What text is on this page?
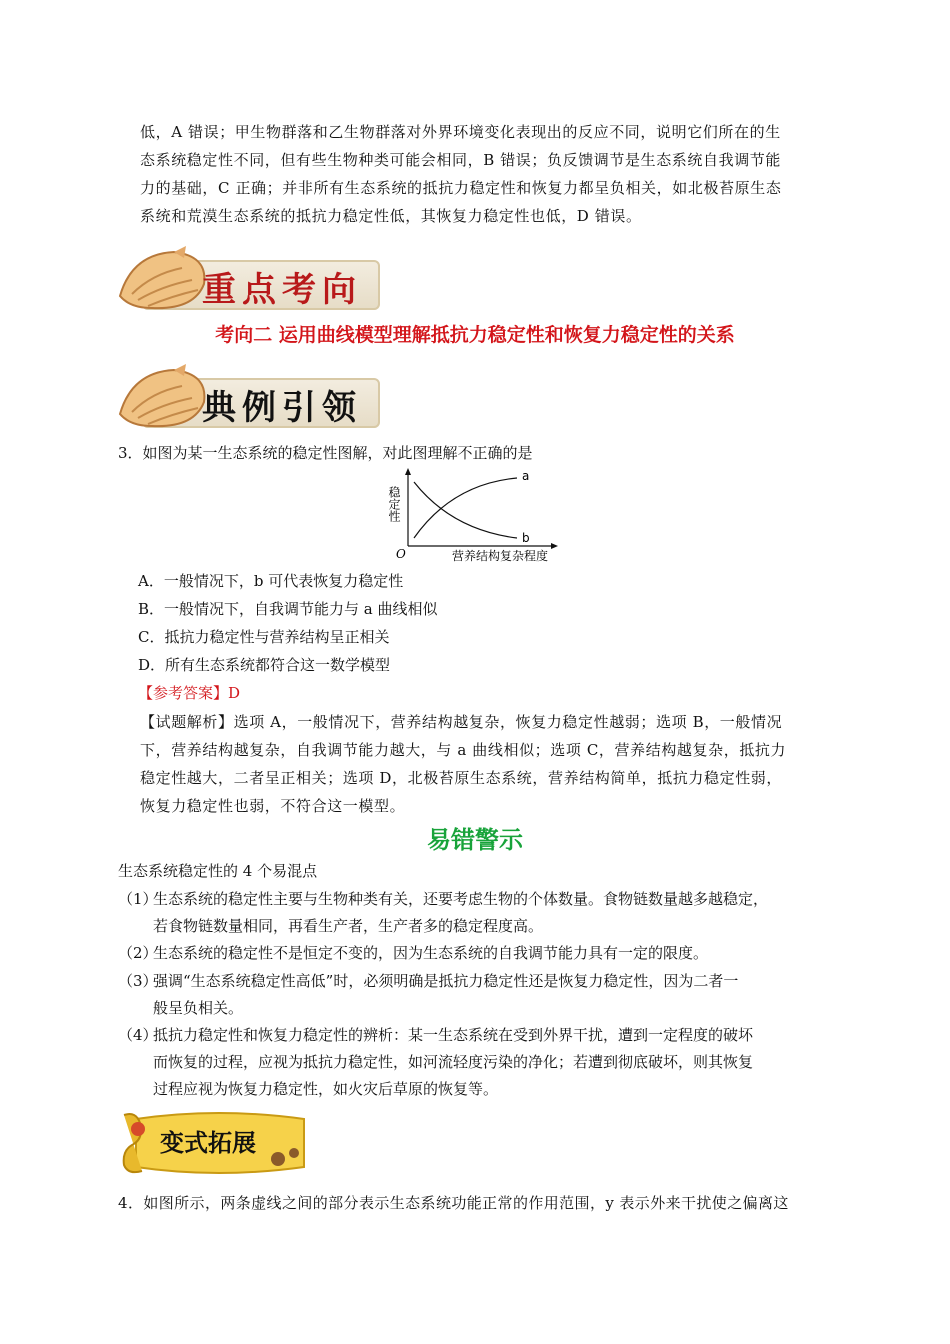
低，A 错误；甲生物群落和乙生物群落对外界环境变化表现出的反应不同，说明它们所在的生
态系统稳定性不同，但有些生物种类可能会相同，B 错误；负反馈调节是生态系统自我调节能
力的基础，C 正确；并非所有生态系统的抵抗力稳定性和恢复力都呈负相关，如北极苔原生态
系统和荒漠生态系统的抵抗力稳定性低，其恢复力稳定性也低，D 错误。
重点考向
考向二 运用曲线模型理解抵抗力稳定性和恢复力稳定性的关系
典例引领
3．如图为某一生态系统的稳定性图解，对此图理解不正确的是
稳定性
营养结构复杂程度
O
a
b
A．一般情况下，b 可代表恢复力稳定性
B．一般情况下，自我调节能力与 a 曲线相似
C．抵抗力稳定性与营养结构呈正相关
D．所有生态系统都符合这一数学模型
【参考答案】D
【试题解析】选项 A，一般情况下，营养结构越复杂，恢复力稳定性越弱；选项 B，一般情况
下，营养结构越复杂，自我调节能力越大，与 a 曲线相似；选项 C，营养结构越复杂，抵抗力
稳定性越大，二者呈正相关；选项 D，北极苔原生态系统，营养结构简单，抵抗力稳定性弱，
恢复力稳定性也弱，不符合这一模型。
易错警示
生态系统稳定性的 4 个易混点
（1）
生态系统的稳定性主要与生物种类有关，还要考虑生物的个体数量。食物链数量越多越稳定，
若食物链数量相同，再看生产者，生产者多的稳定程度高。
（2）
生态系统的稳定性不是恒定不变的，因为生态系统的自我调节能力具有一定的限度。
（3）
强调“生态系统稳定性高低”时，必须明确是抵抗力稳定性还是恢复力稳定性，因为二者一
般呈负相关。
（4）
抵抗力稳定性和恢复力稳定性的辨析：某一生态系统在受到外界干扰，遭到一定程度的破坏
而恢复的过程，应视为抵抗力稳定性，如河流轻度污染的净化；若遭到彻底破坏，则其恢复
过程应视为恢复力稳定性，如火灾后草原的恢复等。
变式拓展
4．如图所示，两条虚线之间的部分表示生态系统功能正常的作用范围，y 表示外来干扰使之偏离这
